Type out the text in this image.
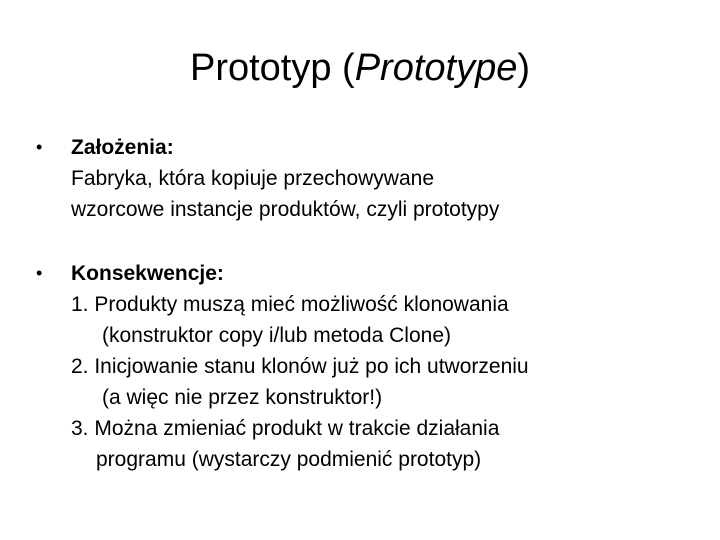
Prototyp (Prototype)
•	Założenia:
Fabryka, która kopiuje przechowywane
wzorcowe instancje produktów, czyli prototypy
•	Konsekwencje:
1. Produkty muszą mieć możliwość klonowania
(konstruktor copy i/lub metoda Clone)
2. Inicjowanie stanu klonów już po ich utworzeniu
(a więc nie przez konstruktor!)
3. Można zmieniać produkt w trakcie działania
programu (wystarczy podmienić prototyp)
